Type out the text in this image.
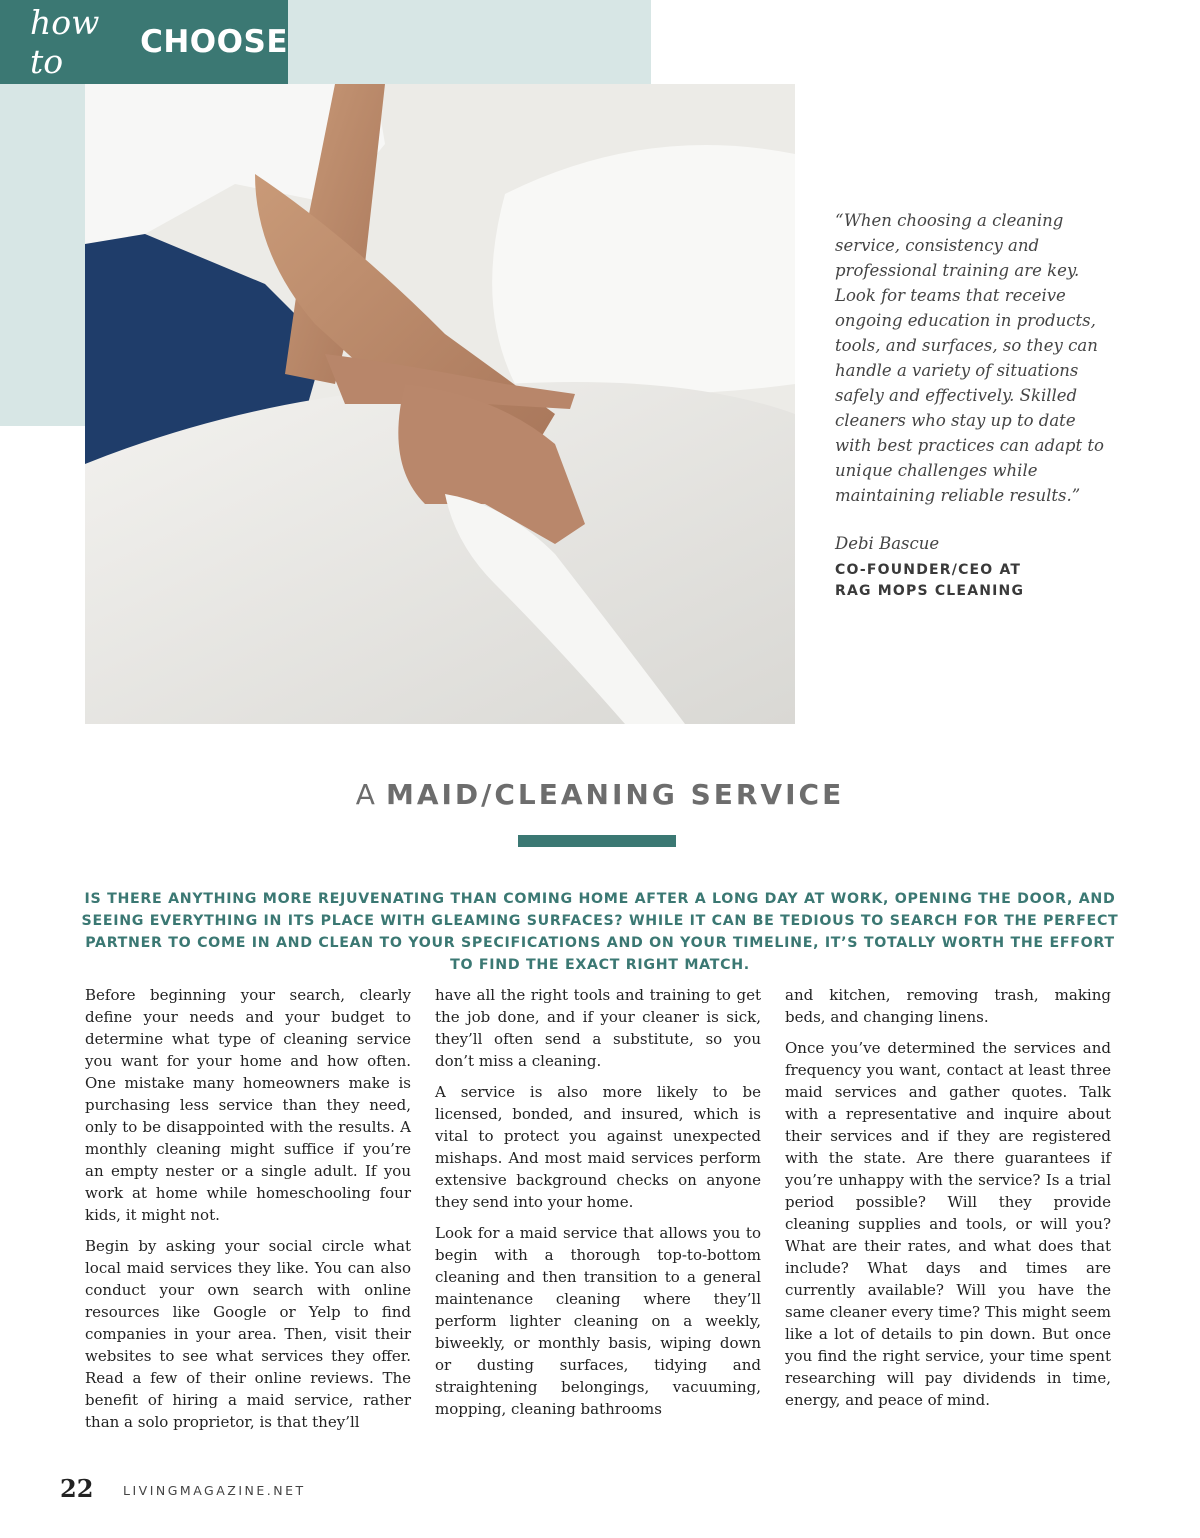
how to	CHOOSE
“When choosing a cleaning service, consistency and professional training are key. Look for teams that receive ongoing education in products, tools, and surfaces, so they can handle a variety of situations safely and effectively. Skilled cleaners who stay up to date with best practices can adapt to unique challenges while maintaining reliable results.”
Debi Bascue
CO-FOUNDER/CEO AT
RAG MOPS CLEANING
A MAID/CLEANING SERVICE
IS THERE ANYTHING MORE REJUVENATING THAN COMING HOME AFTER A LONG DAY AT WORK, OPENING THE DOOR, AND SEEING EVERYTHING IN ITS PLACE WITH GLEAMING SURFACES? WHILE IT CAN BE TEDIOUS TO SEARCH FOR THE PERFECT PARTNER TO COME IN AND CLEAN TO YOUR SPECIFICATIONS AND ON YOUR TIMELINE, IT’S TOTALLY WORTH THE EFFORT TO FIND THE EXACT RIGHT MATCH.

Before beginning your search, clearly define your needs and your budget to determine what type of cleaning service you want for your home and how often. One mistake many homeowners make is purchasing less service than they need, only to be disappointed with the results. A monthly cleaning might suffice if you’re an empty nester or a single adult. If you work at home while homeschooling four kids, it might not.

Begin by asking your social circle what local maid services they like. You can also conduct your own search with online resources like Google or Yelp to find companies in your area. Then, visit their websites to see what services they offer. Read a few of their online reviews. The benefit of hiring a maid service, rather than a solo proprietor, is that they’ll

have all the right tools and training to get the job done, and if your cleaner is sick, they’ll often send a substitute, so you don’t miss a cleaning.

A service is also more likely to be licensed, bonded, and insured, which is vital to protect you against unexpected mishaps. And most maid services perform extensive background checks on anyone they send into your home.

Look for a maid service that allows you to begin with a thorough top-to-bottom cleaning and then transition to a general maintenance cleaning where they’ll perform lighter cleaning on a weekly, biweekly, or monthly basis, wiping down or dusting surfaces, tidying and straightening belongings, vacuuming, mopping, cleaning bathrooms

and kitchen, removing trash, making beds, and changing linens.

Once you’ve determined the services and frequency you want, contact at least three maid services and gather quotes. Talk with a representative and inquire about their services and if they are registered with the state. Are there guarantees if you’re unhappy with the service? Is a trial period possible? Will they provide cleaning supplies and tools, or will you? What are their rates, and what does that include? What days and times are currently available? Will you have the same cleaner every time? This might seem like a lot of details to pin down. But once you find the right service, your time spent researching will pay dividends in time, energy, and peace of mind.

22 LIVINGMAGAZINE.NET
